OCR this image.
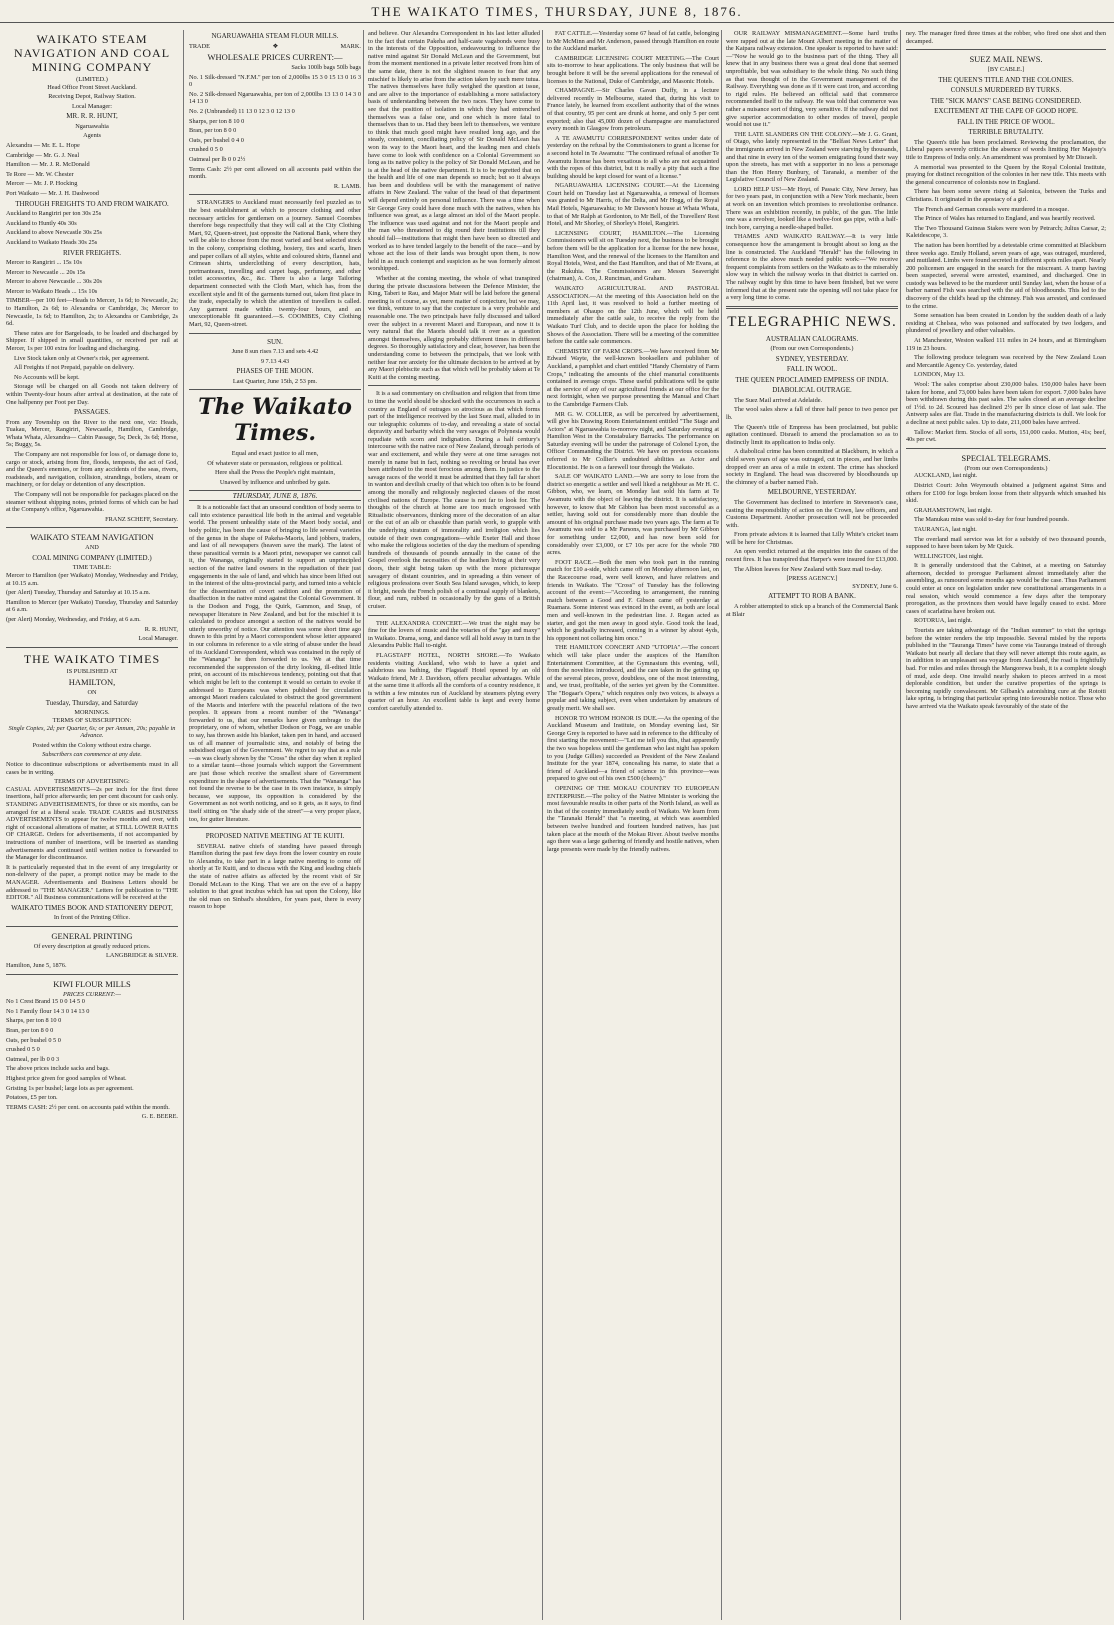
THE WAIKATO TIMES, THURSDAY, JUNE 8, 1876.
WAIKATO STEAM NAVIGATION AND COAL MINING COMPANY
(LIMITED.)

Head Office Front Street Auckland.

Receiving Depot, Railway Station.

Local Manager:

MR. R. R. HUNT,

Ngaruawahia

Agents

Alexandra — Mr. E. L. Hope

Cambridge — Mr. G. J. Neal

Hamilton — Mr. J. R. McDonald

Te Rore — Mr. W. Chester

Mercer — Mr. J. P. Hocking

Port Waikato — Mr. J. H. Dashwood

THROUGH FREIGHTS TO AND FROM WAIKATO.

Auckland to Rangiriri per ton 30s 25s

Auckland to Huntly 40s 30s

Auckland to above Newcastle 30s 25s

Auckland to Waikato Heads 30s 25s

RIVER FREIGHTS.

Mercer to Rangiriri ... 15s 10s

Mercer to Newcastle ... 20s 15s

Mercer to above Newcastle ... 30s 20s

Mercer to Waikato Heads ... 15s 10s

TIMBER—per 100 feet—Heads to Mercer, 1s 6d; to Newcastle, 2s; to Hamilton, 2s 6d; to Alexandra or Cambridge, 3s; Mercer to Newcastle, 1s 6d; to Hamilton, 2s; to Alexandra or Cambridge, 2s 6d.

These rates are for Bargeloads, to be loaded and discharged by Shipper. If shipped in small quantities, or received per rail at Mercer, 1s per 100 extra for loading and discharging.

Live Stock taken only at Owner's risk, per agreement.

All Freights if not Prepaid, payable on delivery.

No Accounts will be kept.

Storage will be charged on all Goods not taken delivery of within Twenty-four hours after arrival at destination, at the rate of One halfpenny per Foot per Day.

PASSAGES.

From any Township on the River to the next one, viz: Heads, Tuakau, Mercer, Rangiriri, Newcastle, Hamilton, Cambridge, Whata Whata, Alexandra— Cabin Passage, 5s; Deck, 3s 6d; Horse, 5s; Buggy, 5s.

The Company are not responsible for loss of, or damage done to, cargo or stock, arising from fire, floods, tempests, the act of God, and the Queen's enemies, or from any accidents of the seas, rivers, roadsteads, and navigation, collision, strandings, boilers, steam or machinery, or for delay or detention of any description.

The Company will not be responsible for packages placed on the steamer without shipping notes, printed forms of which can be had at the Company's office, Ngaruawahia.

FRANZ SCHEFF, Secretary.

WAIKATO STEAM NAVIGATION
AND
COAL MINING COMPANY (LIMITED.)
TIME TABLE:

Mercer to Hamilton (per Waikato) Monday, Wednesday and Friday, at 10.15 a.m.

(per Alert) Tuesday, Thursday and Saturday at 10.15 a.m.

Hamilton to Mercer (per Waikato) Tuesday, Thursday and Saturday at 6 a.m.

(per Alert) Monday, Wednesday, and Friday, at 6 a.m.

R. R. HUNT,

Local Manager.

THE WAIKATO TIMES
IS PUBLISHED AT
HAMILTON,
ON
Tuesday, Thursday, and Saturday
MORNINGS.
TERMS OF SUBSCRIPTION:

Single Copies, 2d; per Quarter, 6s; or per Annum, 20s; payable in Advance.

Posted within the Colony without extra charge.

Subscribers can commence at any date.

Notice to discontinue subscriptions or advertisements must in all cases be in writing.

TERMS OF ADVERTISING:

CASUAL ADVERTISEMENTS—2s per inch for the first three insertions, half price afterwards; ten per cent discount for cash only. STANDING ADVERTISEMENTS, for three or six months, can be arranged for at a liberal scale. TRADE CARDS and BUSINESS ADVERTISEMENTS to appear for twelve months and over, with right of occasional alterations of matter, at STILL LOWER RATES OF CHARGE. Orders for advertisements, if not accompanied by instructions of number of insertions, will be inserted as standing advertisements and continued until written notice is forwarded to the Manager for discontinuance.

It is particularly requested that in the event of any irregularity or non-delivery of the paper, a prompt notice may be made to the MANAGER. Advertisements and Business Letters should be addressed to "THE MANAGER." Letters for publication to "THE EDITOR." All Business communications will be received at the

WAIKATO TIMES BOOK AND STATIONERY DEPOT,

In front of the Printing Office.

GENERAL PRINTING

Of every description at greatly reduced prices.

LANGBRIDGE & SILVER.

Hamilton, June 5, 1876.

KIWI FLOUR MILLS
PRICES CURRENT:—

No 1 Crest Brand 15 0 0 14 5 0

No 1 Family flour 14 3 0 14 13 0

Sharps, per ton 8 10 0

Bran, per ton 8 0 0

Oats, per bushel 0 5 0

crushed 0 5 0

Oatmeal, per lb 0 0 3

The above prices include sacks and bags.

Highest price given for good samples of Wheat.

Gristing 1s per bushel; large lots as per agreement.

Potatoes, £5 per ton.

TERMS CASH: 2½ per cent. on accounts paid within the month.

G. E. BEERE.

NGARUAWAHIA STEAM FLOUR MILLS.
TRADE	❖	MARK.
WHOLESALE PRICES CURRENT:—

Sacks 100lb bags 50lb bags

No. 1 Silk-dressed "N.F.M." per ton of 2,000lbs 15 3 0 15 13 0 16 3 0

No. 2 Silk-dressed Ngaruawahia, per ton of 2,000lbs 13 13 0 14 3 0 14 13 0

No. 2 (Unbranded) 11 13 0 12 3 0 12 13 0

Sharps, per ton 8 10 0

Bran, per ton 8 0 0

Oats, per bushel 0 4 0

crushed 0 5 0

Oatmeal per lb 0 0 2½

Terms Cash: 2½ per cent allowed on all accounts paid within the month.

R. LAMB.

STRANGERS to Auckland must necessarily feel puzzled as to the best establishment at which to procure clothing and other necessary articles for gentlemen on a journey. Samuel Coombes therefore begs respectfully that they will call at the City Clothing Mart, 92, Queen-street, just opposite the National Bank, where they will be able to choose from the most varied and best selected stock in the colony, comprising clothing, hosiery, ties and scarfs, linen and paper collars of all styles, white and coloured shirts, flannel and Crimean shirts, underclothing of every description, hats, portmanteaux, travelling and carpet bags, perfumery, and other toilet accessories, &c., &c. There is also a large Tailoring department connected with the Cloth Mart, which has, from the excellent style and fit of the garments turned out, taken first place in the trade, especially to which the attention of travellers is called. Any garment made within twenty-four hours, and an unexceptionable fit guaranteed.—S. COOMBES, City Clothing Mart, 92, Queen-street.

SUN.

June 8 sun rises 7.13 and sets 4.42

9 7.13 4.43

PHASES OF THE MOON.

Last Quarter, June 15th, 2 53 pm.

The Waikato Times.

Equal and exact justice to all men,

Of whatever state or persuasion, religious or political.

Here shall the Press the People's right maintain,

Unawed by influence and unbribed by gain.

THURSDAY, JUNE 8, 1876.

It is a noticeable fact that an unsound condition of body seems to call into existence parasitical life both in the animal and vegetable world. The present unhealthy state of the Maori body social, and body politic, has been the cause of bringing to life several varieties of the genus in the shape of Pakeha-Maoris, land jobbers, traders, and last of all newspapers (heaven save the mark). The latest of these parasitical vermin is a Maori print, newspaper we cannot call it, the Wananga, originally started to support an unprincipled section of the native land owners in the repudiation of their just engagements in the sale of land, and which has since been lifted out in the interest of the ultra-provincial party, and turned into a vehicle for the dissemination of covert sedition and the promotion of disaffection in the native mind against the Colonial Government. It is the Dodson and Fogg, the Quirk, Gammon, and Snap, of newspaper literature in New Zealand, and but for the mischief it is calculated to produce amongst a section of the natives would be utterly unworthy of notice. Our attention was some short time ago drawn to this print by a Maori correspondent whose letter appeared in our columns in reference to a vile string of abuse under the head of its Auckland Correspondent, which was contained in the reply of the "Wananga" he then forwarded to us. We at that time recommended the suppression of the dirty looking, ill-edited little print, on account of its mischievous tendency, pointing out that that which might be left to the contempt it would so certain to evoke if addressed to Europeans was when published for circulation amongst Maori readers calculated to obstruct the good government of the Maoris and interfere with the peaceful relations of the two peoples. It appears from a recent number of the "Wananga" forwarded to us, that our remarks have given umbrage to the proprietary, one of whom, whether Dodson or Fogg, we are unable to say, has thrown aside his blanket, taken pen in hand, and accused us of all manner of journalistic sins, and notably of being the subsidised organ of the Government. We regret to say that as a rule—as was clearly shown by the "Cross" the other day when it replied to a similar taunt—those journals which support the Government are just those which receive the smallest share of Government expenditure in the shape of advertisements. That the "Wananga" has not found the reverse to be the case in its own instance, is simply because, we suppose, its opposition is considered by the Government as not worth noticing, and so it gets, as it says, to find itself sitting on "the shady side of the street"—a very proper place, too, for gutter literature.

PROPOSED NATIVE MEETING AT TE KUITI.

SEVERAL native chiefs of standing have passed through Hamilton during the past few days from the lower country en route to Alexandra, to take part in a large native meeting to come off shortly at Te Kuiti, and to discuss with the King and leading chiefs the state of native affairs as affected by the recent visit of Sir Donald McLean to the King. That we are on the eve of a happy solution to that great incubus which has sat upon the Colony, like the old man on Sinbad's shoulders, for years past, there is every reason to hope

and believe. Our Alexandra Correspondent in his last letter alluded to the fact that certain Pakeha and half-caste vagabonds were busy in the interests of the Opposition, endeavouring to influence the native mind against Sir Donald McLean and the Government, but from the moment mentioned in a private letter received from him of the same date, there is not the slightest reason to fear that any mischief is likely to arise from the action taken by such mere tutua. The natives themselves have fully weighed the question at issue, and are alive to the importance of establishing a more satisfactory basis of understanding between the two races. They have come to see that the position of isolation in which they had entrenched themselves was a false one, and one which is more fatal to themselves than to us. Had they been left to themselves, we venture to think that much good might have resulted long ago, and the steady, consistent, conciliating policy of Sir Donald McLean has won its way to the Maori heart, and the leading men and chiefs have come to look with confidence on a Colonial Government so long as its native policy is the policy of Sir Donald McLean, and he is at the head of the native department. It is to be regretted that on the health and life of one man depends so much; but so it always has been and doubtless will be with the management of native affairs in New Zealand. The value of the head of that department will depend entirely on personal influence. There was a time when Sir George Grey could have done much with the natives, when his influence was great, as a large almost an idol of the Maori people. The influence was used against and not for the Maori people and the man who threatened to dig round their institutions till they should fall—institutions that might then have been so directed and worked as to have tended largely to the benefit of the race—and by whose act the loss of their lands was brought upon them, is now held in as much contempt and suspicion as he was formerly almost worshipped.

Whether at the coming meeting, the whole of what transpired during the private discussions between the Defence Minister, the King, Taberi te Rau, and Major Mair will be laid before the general meeting is of course, as yet, mere matter of conjecture, but we may, we think, venture to say that the conjecture is a very probable and reasonable one. The two principals have fully discussed and talked over the subject in a reverent Maori and European, and now it is very natural that the Maoris should talk it over as a question amongst themselves, alleging probably different times in different degrees. So thoroughly satisfactory and clear, however, has been the understanding come to between the principals, that we look with neither fear nor anxiety for the ultimate decision to be arrived at by any Maori plebiscite such as that which will be probably taken at Te Kuiti at the coming meeting.

It is a sad commentary on civilisation and religion that from time to time the world should be shocked with the occurrences in such a country as England of outrages so atrocious as that which forms part of the intelligence received by the last Suez mail, alluded to in our telegraphic columns of to-day, and revealing a state of social depravity and barbarity which the very savages of Polynesia would repudiate with scorn and indignation. During a half century's intercourse with the native race of New Zealand, through periods of war and excitement, and while they were at one time savages not merely in name but in fact, nothing so revolting or brutal has ever been attributed to the most ferocious among them. In justice to the savage races of the world it must be admitted that they fall far short in wanton and devilish cruelty of that which too often is to be found among the morally and religiously neglected classes of the most civilised nations of Europe. The cause is not far to look for. The thoughts of the church at home are too much engrossed with Ritualistic observances, thinking more of the decoration of an altar or the cut of an alb or chasuble than parish work, to grapple with the underlying stratum of immorality and irreligion which lies outside of their own congregations—while Exeter Hall and those who make the religious societies of the day the medium of spending hundreds of thousands of pounds annually in the cause of the Gospel overlook the necessities of the heathen living at their very doors, their sight being taken up with the more picturesque savagery of distant countries, and in spreading a thin veneer of religious professions over South Sea Island savages, which, to keep it bright, needs the French polish of a continual supply of blankets, flour, and rum, rubbed in occasionally by the guns of a British cruiser.

THE ALEXANDRA CONCERT.—We trust the night may be fine for the lovers of music and the votaries of the "gay and maxy" in Waikato. Drama, song, and dance will all hold away in turn in the Alexandra Public Hall to-night.

FLAGSTAFF HOTEL, NORTH SHORE.—To Waikato residents visiting Auckland, who wish to have a quiet and salubrious sea bathing, the Flagstaff Hotel opened by an old Waikato friend, Mr J. Davidson, offers peculiar advantages. While at the same time it affords all the comforts of a country residence, it is within a few minutes run of Auckland by steamers plying every quarter of an hour. An excellent table is kept and every home comfort carefully attended to.

FAT CATTLE.—Yesterday some 67 head of fat cattle, belonging to Mr McMinn and Mr Anderson, passed through Hamilton en route to the Auckland market.

CAMBRIDGE LICENSING COURT MEETING.—The Court sits to-morrow to hear applications. The only business that will be brought before it will be the several applications for the renewal of licenses to the National, Duke of Cambridge, and Masonic Hotels.

CHAMPAGNE.—Sir Charles Gavan Duffy, in a lecture delivered recently in Melbourne, stated that, during his visit to France lately, he learned from excellent authority that of the wines of that country, 95 per cent are drunk at home, and only 5 per cent exported; also that 45,000 dozen of champagne are manufactured every month in Glasgow from petroleum.

A TE AWAMUTU CORRESPONDENT writes under date of yesterday on the refusal by the Commissioners to grant a license for a second hotel in Te Awamutu: "The continued refusal of another Te Awamutu license has been vexatious to all who are not acquainted with the ropes of this district, but it is really a pity that such a fine building should be kept closed for want of a license."

NGARUAWAHIA LICENSING COURT.—At the Licensing Court held on Tuesday last at Ngaruawahia, a renewal of licenses was granted to Mr Harris, of the Delta, and Mr Hogg, of the Royal Mail Hotels, Ngaruawahia; to Mr Dawson's house at Whata Whata, to that of Mr Ralph at Gordonton, to Mr Bell, of the Travellers' Rest Hotel, and Mr Shorley, of Shorley's Hotel, Rangiriri.

LICENSING COURT, HAMILTON.—The Licensing Commissioners will sit on Tuesday next, the business to be brought before them will be the application for a license for the new house, Hamilton West, and the renewal of the licenses to the Hamilton and Royal Hotels, West, and the East Hamilton, and that of Mr Evans, at the Rukuhia. The Commissioners are Messrs Seaveright (chairman), A. Cox, J. Runciman, and Graham.

WAIKATO AGRICULTURAL AND PASTORAL ASSOCIATION.—At the meeting of this Association held on the 11th April last, it was resolved to hold a further meeting of members at Ohaupo on the 12th June, which will be held immediately after the cattle sale, to receive the reply from the Waikato Turf Club, and to decide upon the place for holding the Shows of the Association. There will be a meeting of the committee before the cattle sale commences.

CHEMISTRY OF FARM CROPS.—We have received from Mr Edward Wayte, the well-known booksellers and publisher of Auckland, a pamphlet and chart entitled "Handy Chemistry of Farm Crops," indicating the amounts of the chief manurial constituents contained in average crops. These useful publications will be quite at the service of any of our agricultural friends at our office for the next fortnight, when we purpose presenting the Manual and Chart to the Cambridge Farmers Club.

MR G. W. COLLIER, as will be perceived by advertisement, will give his Drawing Room Entertainment entitled "The Stage and Actors" at Ngaruawahia to-morrow night, and Saturday evening at Hamilton West in the Constabulary Barracks. The performance on Saturday evening will be under the patronage of Colonel Lyon, the Officer Commanding the District. We have on previous occasions referred to Mr Collier's undoubted abilities as Actor and Elocutionist. He is on a farewell tour through the Waikato.

SALE OF WAIKATO LAND.—We are sorry to lose from the district so energetic a settler and well liked a neighbour as Mr H. C. Gibbon, who, we learn, on Monday last sold his farm at Te Awamutu with the object of leaving the district. It is satisfactory, however, to know that Mr Gibbon has been most successful as a settler, having sold out for considerably more than double the amount of his original purchase made two years ago. The farm at Te Awamutu was sold to a Mr Parsons, was purchased by Mr Gibbon for something under £2,000, and has now been sold for considerably over £3,000, or £7 10s per acre for the whole 780 acres.

FOOT RACE.—Both the men who took part in the running match for £10 a-side, which came off on Monday afternoon last, on the Racecourse road, were well known, and have relatives and friends in Waikato. The "Cross" of Tuesday has the following account of the event:—"According to arrangement, the running match between a Good and F. Gibson came off yesterday at Ruamara. Some interest was evinced in the event, as both are local men and well-known in the pedestrian line. J. Regan acted as starter, and got the men away in good style. Good took the lead, which he gradually increased, coming in a winner by about 4yds, his opponent not collaring him once."

THE HAMILTON CONCERT AND "UTOPIA".—The concert which will take place under the auspices of the Hamilton Entertainment Committee, at the Gymnasium this evening, will, from the novelties introduced, and the care taken in the getting up of the several pieces, prove, doubtless, one of the most interesting, and, we trust, profitable, of the series yet given by the Committee. The "Bogaar's Opera," which requires only two voices, is always a popular and taking subject, even when undertaken by amateurs of greatly merit. We shall see.

HONOR TO WHOM HONOR IS DUE.—As the opening of the Auckland Museum and Institute, on Monday evening last, Sir George Grey is reported to have said in reference to the difficulty of first starting the movement:—"Let me tell you this, that apparently the two was hopeless until the gentleman who last night has spoken to you (Judge Gillies) succeeded as President of the New Zealand Institute for the year 1874, concealing his name, to state that a friend of Auckland—a friend of science in this province—was prepared to give out of his own £500 (cheers)."

OPENING OF THE MOKAU COUNTRY TO EUROPEAN ENTERPRISE.—The policy of the Native Minister is working the most favourable results in other parts of the North Island, as well as in that of the country immediately south of Waikato. We learn from the "Taranaki Herald" that "a meeting, at which was assembled between twelve hundred and fourteen hundred natives, has just taken place at the mouth of the Mokau River. About twelve months ago there was a large gathering of friendly and hostile natives, when large presents were made by the friendly natives.

OUR RAILWAY MISMANAGEMENT.—Some hard truths were rapped out at the late Mount Albert meeting in the matter of the Kaipara railway extension. One speaker is reported to have said:—"Now he would go to the business part of the thing. They all knew that in any business there was a great deal done that seemed unprofitable, but was subsidiary to the whole thing. No such thing as that was thought of in the Government management of the Railway. Everything was done as if it were cast iron, and according to rigid rules. He believed an official said that commerce recommended itself to the railway. He was told that commerce was rather a nuisance sort of thing, very sensitive. If the railway did not give superior accommodation to other modes of travel, people would not use it."

THE LATE SLANDERS ON THE COLONY.—Mr J. G. Grant, of Otago, who lately represented in the "Belfast News Letter" that the immigrants arrived in New Zealand were starving by thousands, and that nine in every ten of the women emigrating found their way upon the streets, has met with a supporter in no less a personage than the Hon Henry Bunbury, of Taranaki, a member of the Legislative Council of New Zealand.

LORD HELP US!—Mr Hoyt, of Passaic City, New Jersey, has for two years past, in conjunction with a New York mechanic, been at work on an invention which promises to revolutionise ordnance. There was an exhibition recently, in public, of the gun. The little one was a revolver, looked like a twelve-foot gas pipe, with a half-inch bore, carrying a needle-shaped bullet.

THAMES AND WAIKATO RAILWAY.—It is very little consequence how the arrangement is brought about so long as the line is constructed. The Auckland "Herald" has the following in reference to the above much needed public work:—"We receive frequent complaints from settlers on the Waikato as to the miserably slow way in which the railway works in that district is carried on. The railway ought by this time to have been finished, but we were informed that at the present rate the opening will not take place for a very long time to come.

TELEGRAPHIC NEWS.
AUSTRALIAN CALOGRAMS.
(From our own Correspondents.)
SYDNEY, YESTERDAY.
FALL IN WOOL.
THE QUEEN PROCLAIMED EMPRESS OF INDIA.
DIABOLICAL OUTRAGE.

The Suez Mail arrived at Adelaide.

The wool sales show a fall of three half pence to two pence per lb.

The Queen's title of Empress has been proclaimed, but public agitation continued. Disraeli to amend the proclamation so as to distinctly limit its application to India only.

A diabolical crime has been committed at Blackburn, in which a child seven years of age was outraged, cut in pieces, and her limbs dropped over an area of a mile in extent. The crime has shocked society in England. The head was discovered by bloodhounds up the chimney of a barber named Fish.

MELBOURNE, YESTERDAY.

The Government has declined to interfere in Stevenson's case, casting the responsibility of action on the Crown, law officers, and Customs Department. Another prosecution will not be proceeded with.

From private advices it is learned that Lilly White's cricket team will be here for Christmas.

An open verdict returned at the enquiries into the causes of the recent fires. It has transpired that Harper's were insured for £13,000.

The Albion leaves for New Zealand with Suez mail to-day.

[PRESS AGENCY.]

SYDNEY, June 6.

ATTEMPT TO ROB A BANK.

A robber attempted to stick up a branch of the Commercial Bank at Blair

ney. The manager fired three times at the robber, who fired one shot and then decamped.

SUEZ MAIL NEWS.
[BY CABLE.]
THE QUEEN'S TITLE AND THE COLONIES.
CONSULS MURDERED BY TURKS.
THE "SICK MAN'S" CASE BEING CONSIDERED.
EXCITEMENT AT THE CAPE OF GOOD HOPE.
FALL IN THE PRICE OF WOOL.
TERRIBLE BRUTALITY.

The Queen's title has been proclaimed. Reviewing the proclamation, the Liberal papers severely criticise the absence of words limiting Her Majesty's title to Empress of India only. An amendment was promised by Mr Disraeli.

A memorial was presented to the Queen by the Royal Colonial Institute, praying for distinct recognition of the colonies in her new title. This meets with the general concurrence of colonists now in England.

There has been some severe rising at Salonica, between the Turks and Christians. It originated in the apostacy of a girl.

The French and German consuls were murdered in a mosque.

The Prince of Wales has returned to England, and was heartily received.

The Two Thousand Guineas Stakes were won by Petrarch; Julius Caesar, 2; Kaleidescope, 3.

The nation has been horrified by a detestable crime committed at Blackburn three weeks ago. Emily Holland, seven years of age, was outraged, murdered, and mutilated. Limbs were found secreted in different spots miles apart. Nearly 200 policemen are engaged in the search for the miscreant. A tramp having been suspected, several were arrested, examined, and discharged. One in custody was believed to be the murderer until Sunday last, when the house of a barber named Fish was searched with the aid of bloodhounds. This led to the discovery of the child's head up the chimney. Fish was arrested, and confessed to the crime.

Some sensation has been created in London by the sudden death of a lady residing at Chelsea, who was poisoned and suffocated by two lodgers, and plundered of jewellery and other valuables.

At Manchester, Weston walked 111 miles in 24 hours, and at Birmingham 119 in 23 hours.

The following produce telegram was received by the New Zealand Loan and Mercantile Agency Co. yesterday, dated

LONDON, May 13.

Wool: The sales comprise about 230,000 bales. 150,000 bales have been taken for home, and 73,000 bales have been taken for export. 7,000 bales have been withdrawn during this past sales. The sales closed at an average decline of 1½d. to 2d. Scoured has declined 2½ per lb since close of last sale. The Antwerp sales are flat. Trade in the manufacturing districts is dull. We look for a decline at next public sales. Up to date, 211,000 bales have arrived.

Tallow: Market firm. Stocks of all sorts, 151,000 casks. Mutton, 41s; beef, 40s per cwt.

SPECIAL TELEGRAMS.
(From our own Correspondents.)

AUCKLAND, last night.

District Court: John Weymouth obtained a judgment against Sims and others for £100 for logs broken loose from their slipyards which smashed his skid.

GRAHAMSTOWN, last night.

The Manukau mine was sold to-day for four hundred pounds.

TAURANGA, last night.

The overland mail service was let for a subsidy of two thousand pounds, supposed to have been taken by Mr Quick.

WELLINGTON, last night.

It is generally understood that the Cabinet, at a meeting on Saturday afternoon, decided to prorogue Parliament almost immediately after the assembling, as rumoured some months ago would be the case. Thus Parliament could enter at once on legislation under new constitutional arrangements in a real session, which would commence a few days after the temporary prorogation, as the provinces then would have legally ceased to exist. More cases of scarlatina have broken out.

ROTORUA, last night.

Tourists are taking advantage of the "Indian summer" to visit the springs before the winter renders the trip impossible. Several misled by the reports published in the "Tauranga Times" have come via Tauranga instead of through Waikato but nearly all declare that they will never attempt this route again, as in addition to an unpleasant sea voyage from Auckland, the road is frightfully bad. For miles and miles through the Mangorewa bush, it is a complete slough of mud, axle deep. One invalid nearly shaken to pieces arrived in a most deplorable condition, but under the curative properties of the springs is becoming rapidly convalescent. Mr Gilbank's astonishing cure at the Rotoiti lake spring, is bringing that particular spring into favourable notice. Those who have arrived via the Waikato speak favourably of the state of the
